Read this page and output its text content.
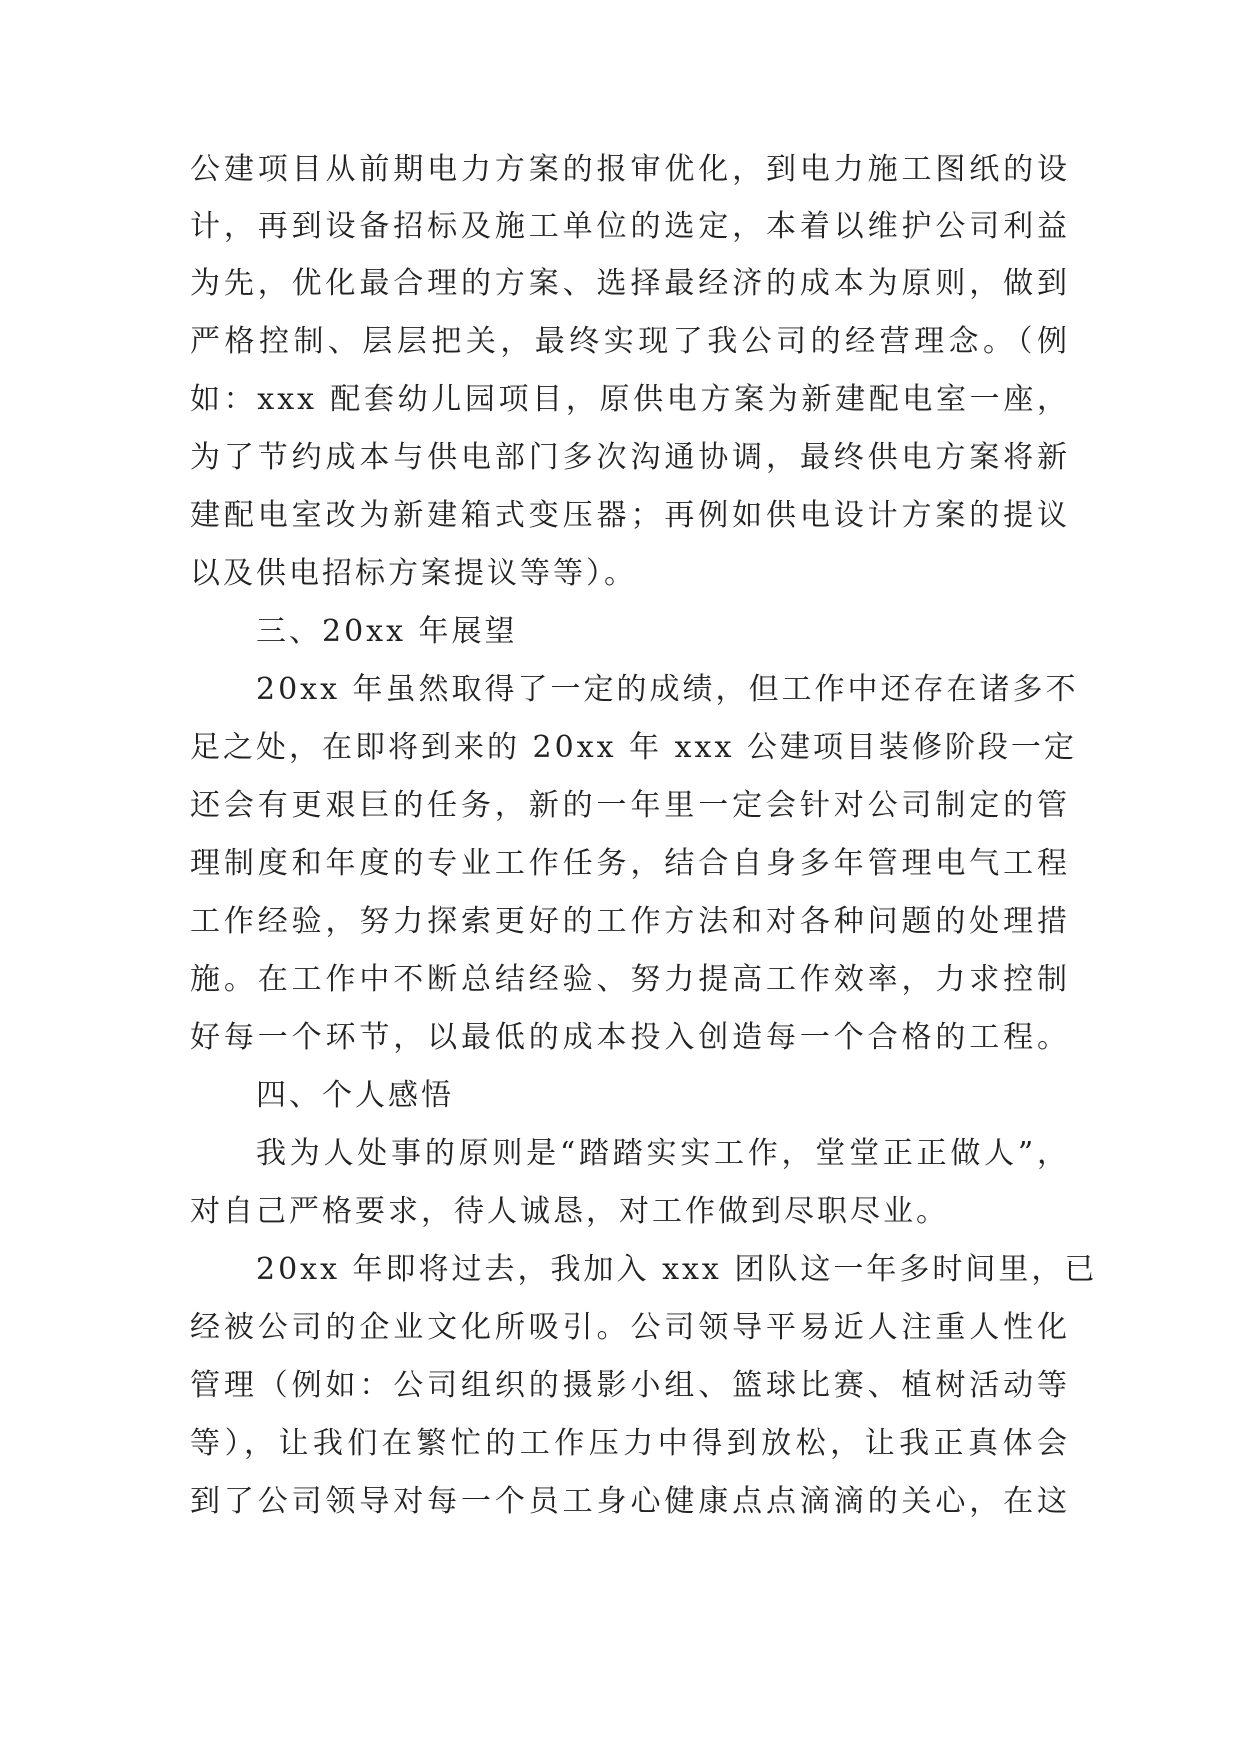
公建项目从前期电力方案的报审优化，到电力施工图纸的设
计，再到设备招标及施工单位的选定，本着以维护公司利益
为先，优化最合理的方案、选择最经济的成本为原则，做到
严格控制、层层把关，最终实现了我公司的经营理念。（例
如：xxx 配套幼儿园项目，原供电方案为新建配电室一座，
为了节约成本与供电部门多次沟通协调，最终供电方案将新
建配电室改为新建箱式变压器；再例如供电设计方案的提议
以及供电招标方案提议等等）。
三、20xx 年展望
20xx 年虽然取得了一定的成绩，但工作中还存在诸多不
足之处，在即将到来的 20xx 年 xxx 公建项目装修阶段一定
还会有更艰巨的任务，新的一年里一定会针对公司制定的管
理制度和年度的专业工作任务，结合自身多年管理电气工程
工作经验，努力探索更好的工作方法和对各种问题的处理措
施。在工作中不断总结经验、努力提高工作效率，力求控制
好每一个环节，以最低的成本投入创造每一个合格的工程。
四、个人感悟
我为人处事的原则是“踏踏实实工作，堂堂正正做人”，
对自己严格要求，待人诚恳，对工作做到尽职尽业。
20xx 年即将过去，我加入 xxx 团队这一年多时间里，已
经被公司的企业文化所吸引。公司领导平易近人注重人性化
管理（例如：公司组织的摄影小组、篮球比赛、植树活动等
等），让我们在繁忙的工作压力中得到放松，让我正真体会
到了公司领导对每一个员工身心健康点点滴滴的关心，在这
